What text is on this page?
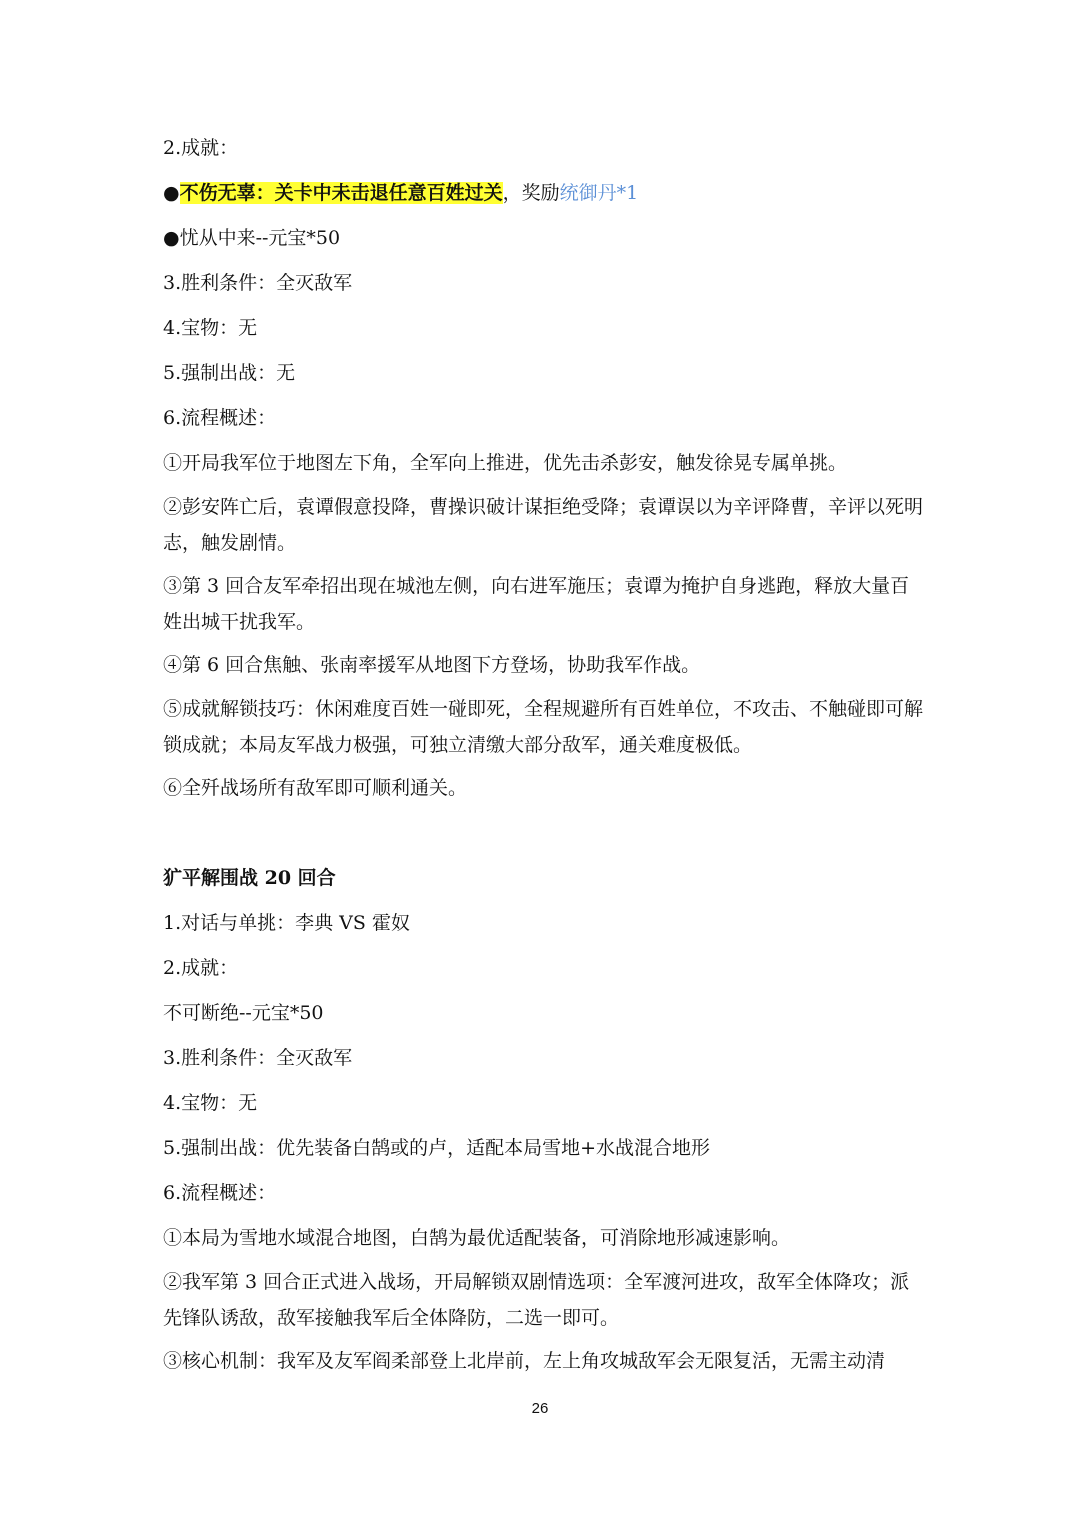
2.成就：
●不伤无辜：关卡中未击退任意百姓过关，奖励统御丹*1
●忧从中来--元宝*50
3.胜利条件：全灭敌军
4.宝物：无
5.强制出战：无
6.流程概述：
①开局我军位于地图左下角，全军向上推进，优先击杀彭安，触发徐晃专属单挑。
②彭安阵亡后，袁谭假意投降，曹操识破计谋拒绝受降；袁谭误以为辛评降曹，辛评以死明志，触发剧情。
③第 3 回合友军牵招出现在城池左侧，向右进军施压；袁谭为掩护自身逃跑，释放大量百姓出城干扰我军。
④第 6 回合焦触、张南率援军从地图下方登场，协助我军作战。
⑤成就解锁技巧：休闲难度百姓一碰即死，全程规避所有百姓单位，不攻击、不触碰即可解锁成就；本局友军战力极强，可独立清缴大部分敌军，通关难度极低。
⑥全歼战场所有敌军即可顺利通关。
犷平解围战 20 回合
1.对话与单挑：李典 VS 霍奴
2.成就：
不可断绝--元宝*50
3.胜利条件：全灭敌军
4.宝物：无
5.强制出战：优先装备白鹄或的卢，适配本局雪地+水战混合地形
6.流程概述：
①本局为雪地水域混合地图，白鹄为最优适配装备，可消除地形减速影响。
②我军第 3 回合正式进入战场，开局解锁双剧情选项：全军渡河进攻，敌军全体降攻；派先锋队诱敌，敌军接触我军后全体降防，二选一即可。
③核心机制：我军及友军阎柔部登上北岸前，左上角攻城敌军会无限复活，无需主动清
26
